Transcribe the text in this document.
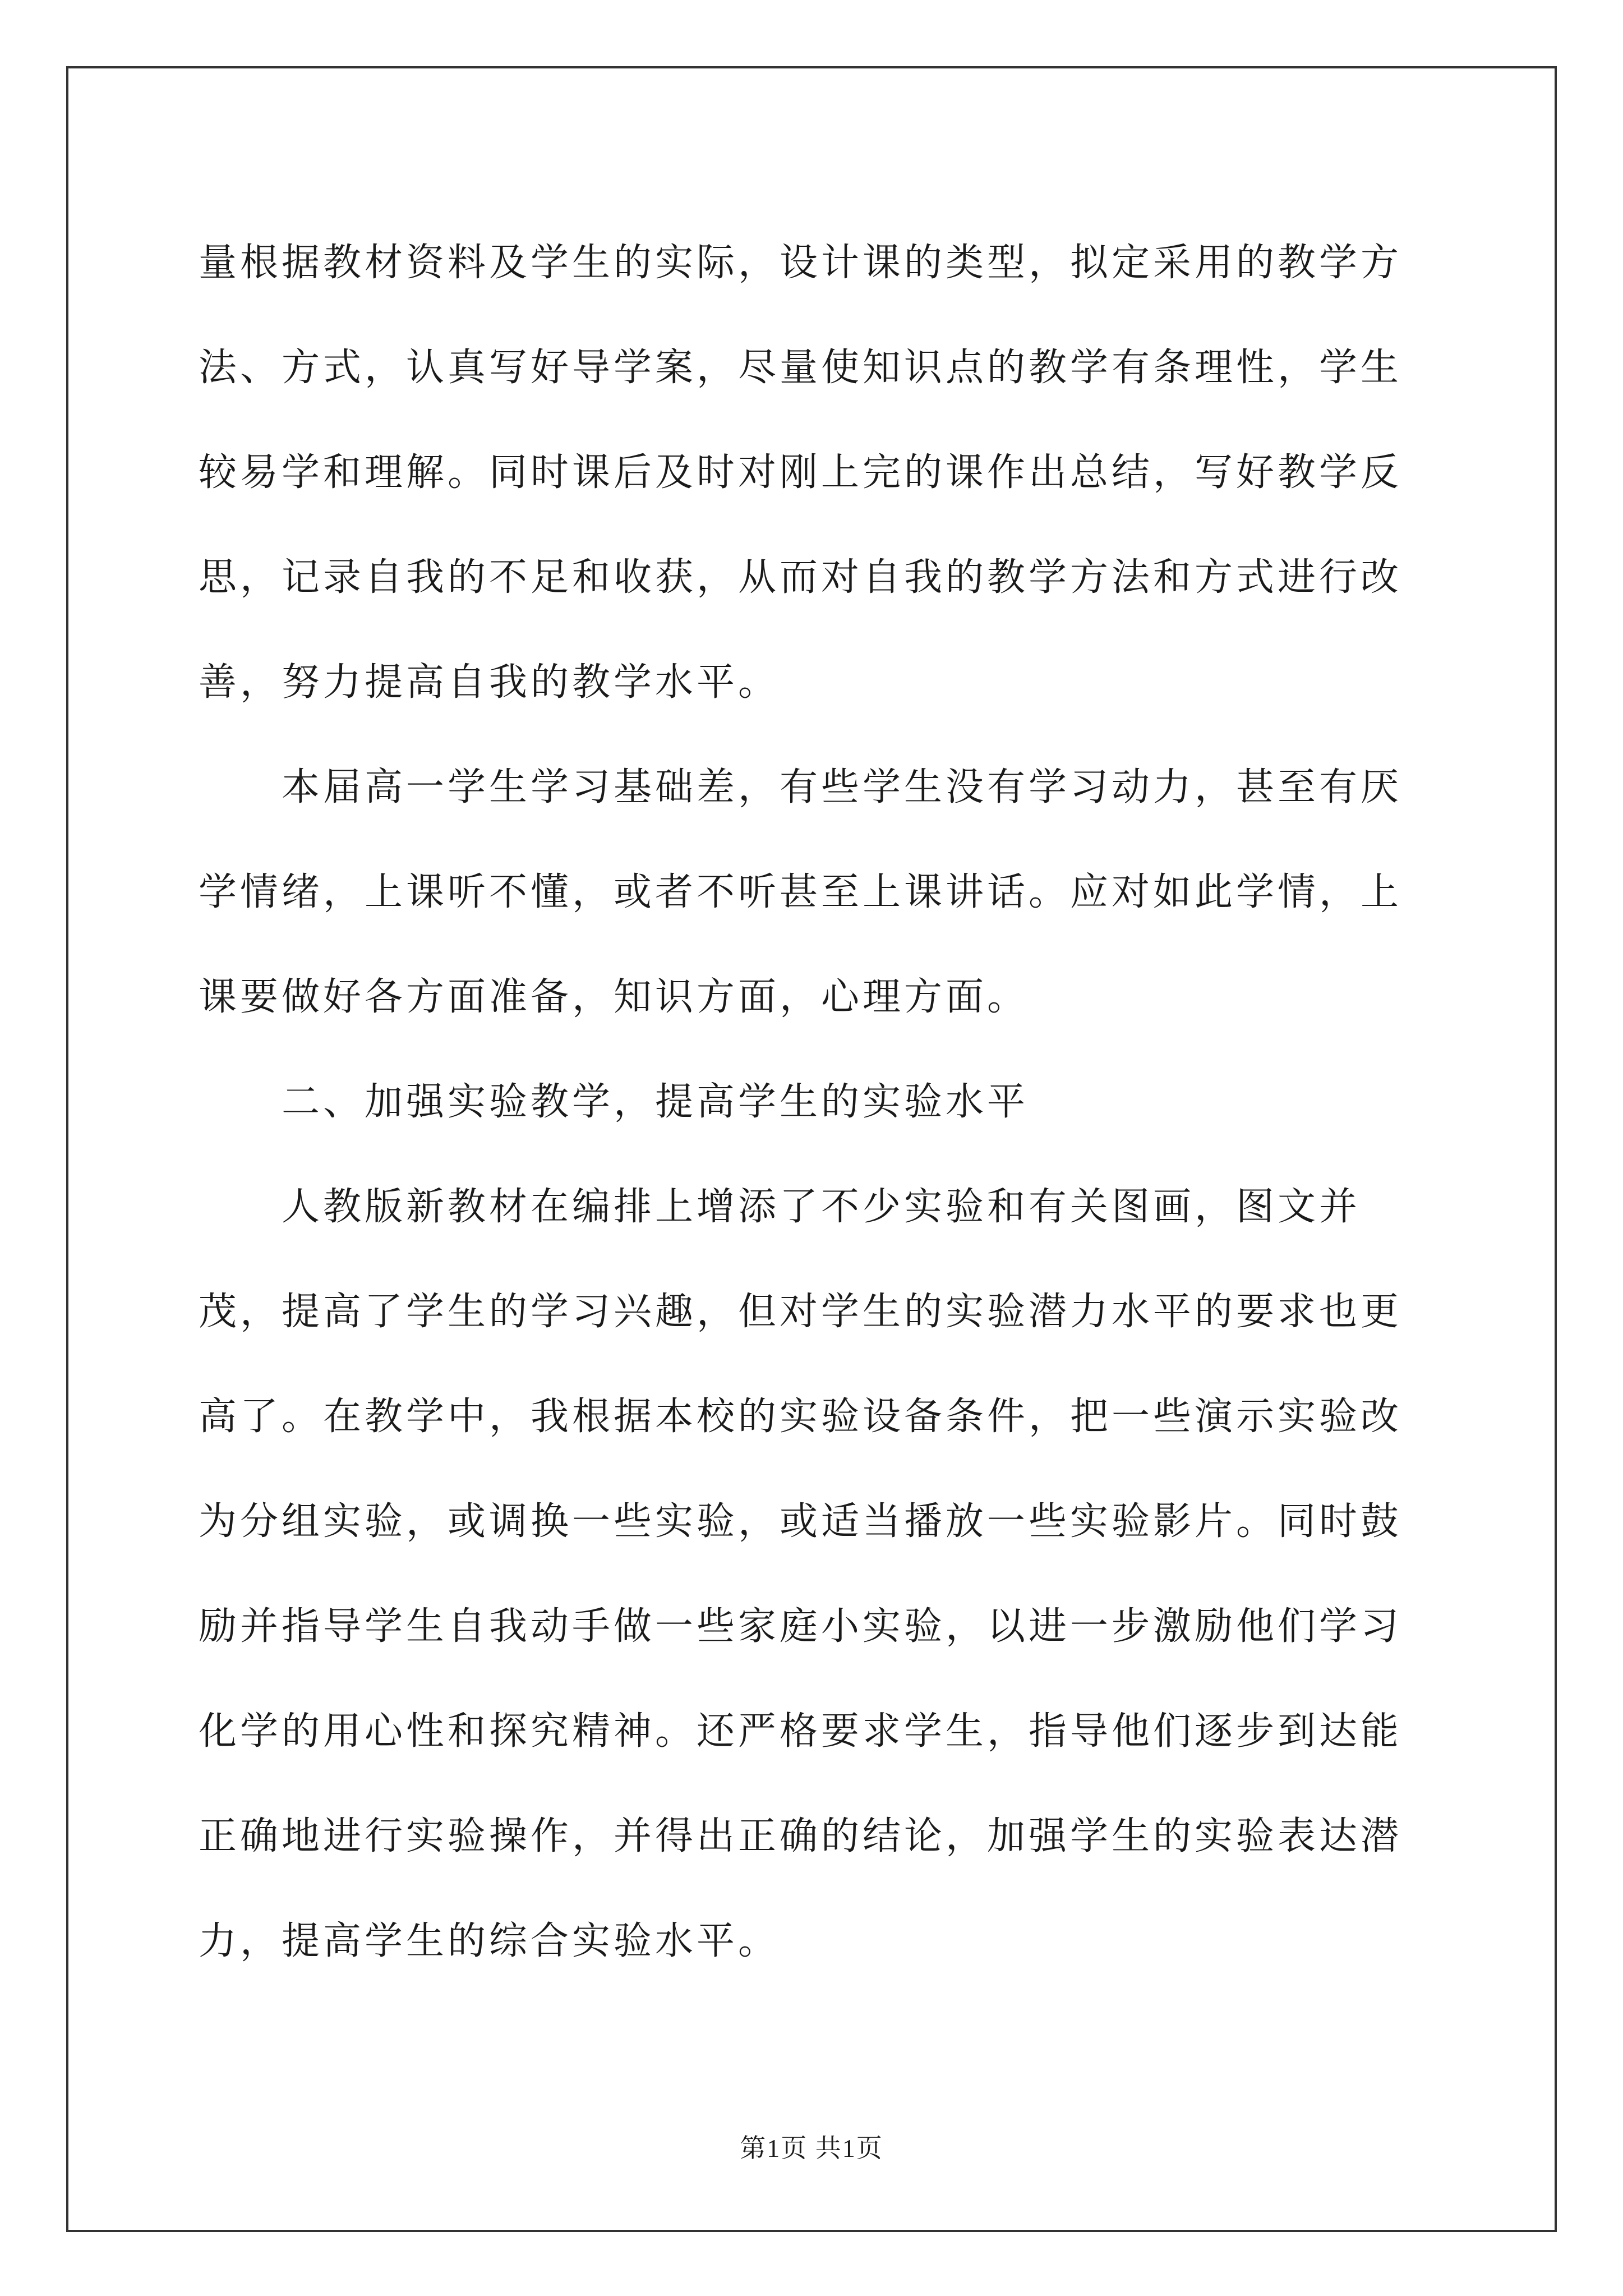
量根据教材资料及学生的实际，设计课的类型，拟定采用的教学方法、方式，认真写好导学案，尽量使知识点的教学有条理性，学生较易学和理解。同时课后及时对刚上完的课作出总结，写好教学反思，记录自我的不足和收获，从而对自我的教学方法和方式进行改善，努力提高自我的教学水平。

本届高一学生学习基础差，有些学生没有学习动力，甚至有厌学情绪，上课听不懂，或者不听甚至上课讲话。应对如此学情，上课要做好各方面准备，知识方面，心理方面。

二、加强实验教学，提高学生的实验水平

人教版新教材在编排上增添了不少实验和有关图画，图文并茂，提高了学生的学习兴趣，但对学生的实验潜力水平的要求也更高了。在教学中，我根据本校的实验设备条件，把一些演示实验改为分组实验，或调换一些实验，或适当播放一些实验影片。同时鼓励并指导学生自我动手做一些家庭小实验，以进一步激励他们学习化学的用心性和探究精神。还严格要求学生，指导他们逐步到达能正确地进行实验操作，并得出正确的结论，加强学生的实验表达潜力，提高学生的综合实验水平。

第1页 共1页
